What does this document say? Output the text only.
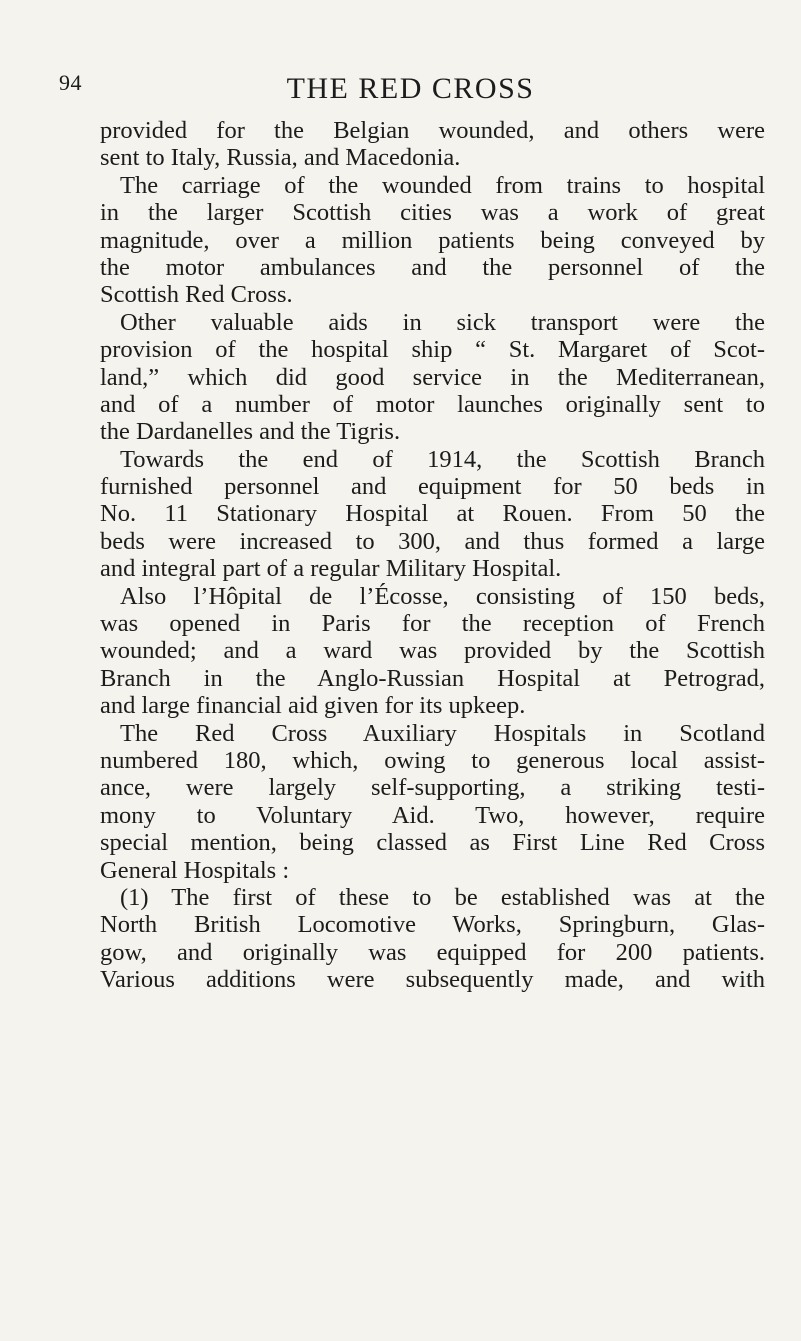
94	THE RED CROSS
provided for the Belgian wounded, and others were
sent to Italy, Russia, and Macedonia.
The carriage of the wounded from trains to hospital
in the larger Scottish cities was a work of great
magnitude, over a million patients being conveyed by
the motor ambulances and the personnel of the
Scottish Red Cross.
Other valuable aids in sick transport were the
provision of the hospital ship “ St. Margaret of Scot-
land,” which did good service in the Mediterranean,
and of a number of motor launches originally sent to
the Dardanelles and the Tigris.
Towards the end of 1914, the Scottish Branch
furnished personnel and equipment for 50 beds in
No. 11 Stationary Hospital at Rouen. From 50 the
beds were increased to 300, and thus formed a large
and integral part of a regular Military Hospital.
Also l’Hôpital de l’Écosse, consisting of 150 beds,
was opened in Paris for the reception of French
wounded; and a ward was provided by the Scottish
Branch in the Anglo-Russian Hospital at Petrograd,
and large financial aid given for its upkeep.
The Red Cross Auxiliary Hospitals in Scotland
numbered 180, which, owing to generous local assist-
ance, were largely self-supporting, a striking testi-
mony to Voluntary Aid. Two, however, require
special mention, being classed as First Line Red Cross
General Hospitals :
(1) The first of these to be established was at the
North British Locomotive Works, Springburn, Glas-
gow, and originally was equipped for 200 patients.
Various additions were subsequently made, and with
